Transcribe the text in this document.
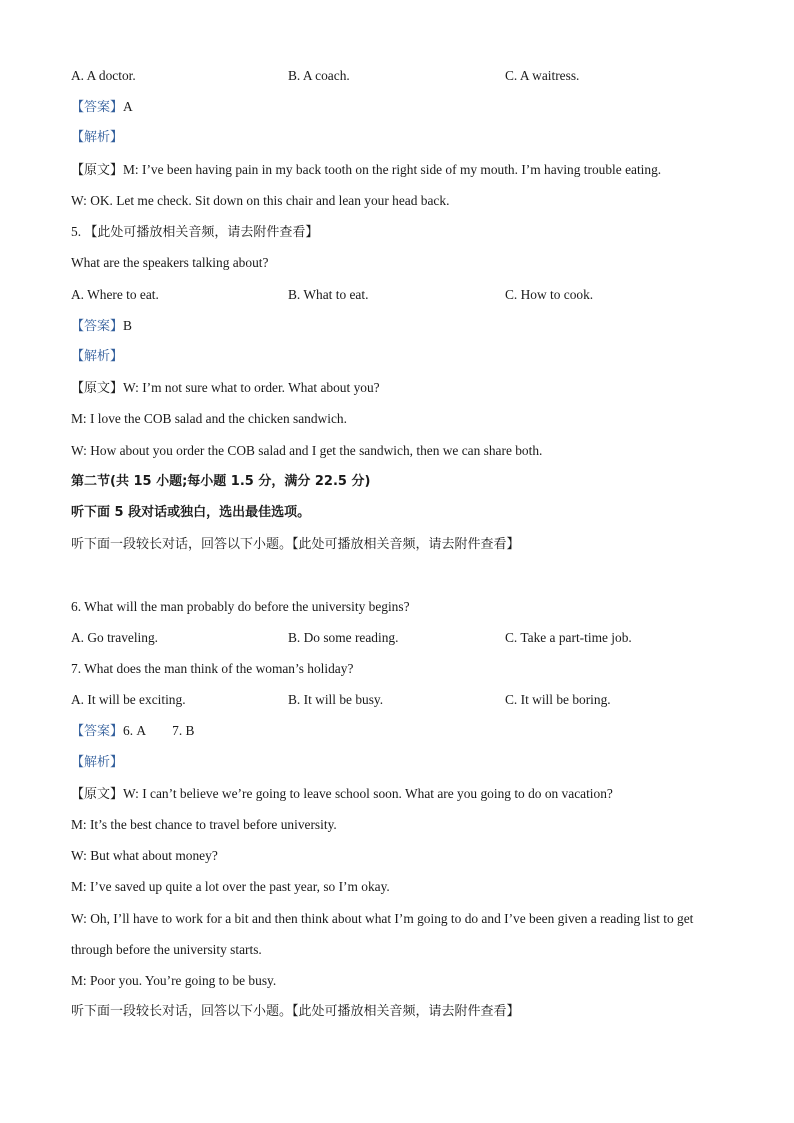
A. A doctor.	B. A coach.	C. A waitress.
【答案】A
【解析】
【原文】M: I’ve been having pain in my back tooth on the right side of my mouth. I’m having trouble eating.
W: OK. Let me check. Sit down on this chair and lean your head back.
5. 【此处可播放相关音频，请去附件查看】
What are the speakers talking about?
A. Where to eat.	B. What to eat.	C. How to cook.
【答案】B
【解析】
【原文】W: I’m not sure what to order. What about you?
M: I love the COB salad and the chicken sandwich.
W: How about you order the COB salad and I get the sandwich, then we can share both.
第二节(共 15 小题;每小题 1.5 分，满分 22.5 分)
听下面 5 段对话或独白，选出最佳选项。
听下面一段较长对话，回答以下小题。【此处可播放相关音频，请去附件查看】
6. What will the man probably do before the university begins?
A. Go traveling.	B. Do some reading.	C. Take a part-time job.
7. What does the man think of the woman’s holiday?
A. It will be exciting.	B. It will be busy.	C. It will be boring.
【答案】6. A        7. B
【解析】
【原文】W: I can’t believe we’re going to leave school soon. What are you going to do on vacation?
M: It’s the best chance to travel before university.
W: But what about money?
M: I’ve saved up quite a lot over the past year, so I’m okay.
W: Oh, I’ll have to work for a bit and then think about what I’m going to do and I’ve been given a reading list to get
through before the university starts.
M: Poor you. You’re going to be busy.
听下面一段较长对话，回答以下小题。【此处可播放相关音频，请去附件查看】
